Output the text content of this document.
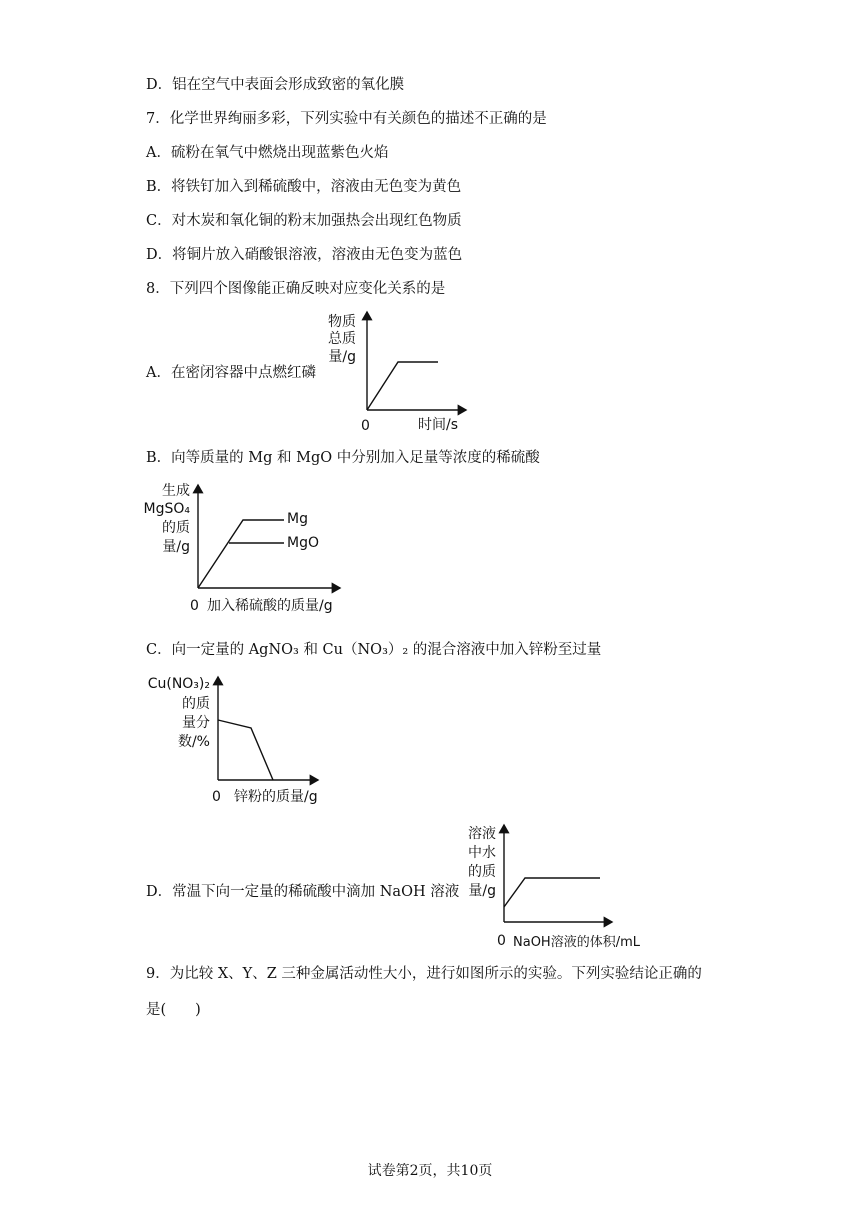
D．铝在空气中表面会形成致密的氧化膜
7．化学世界绚丽多彩，下列实验中有关颜色的描述不正确的是
A．硫粉在氧气中燃烧出现蓝紫色火焰
B．将铁钉加入到稀硫酸中，溶液由无色变为黄色
C．对木炭和氧化铜的粉末加强热会出现红色物质
D．将铜片放入硝酸银溶液，溶液由无色变为蓝色
8．下列四个图像能正确反映对应变化关系的是
A．在密闭容器中点燃红磷
B．向等质量的 Mg 和 MgO 中分别加入足量等浓度的稀硫酸
C．向一定量的 AgNO₃ 和 Cu（NO₃）₂ 的混合溶液中加入锌粉至过量
D．常温下向一定量的稀硫酸中滴加 NaOH 溶液
9．为比较 X、Y、Z 三种金属活动性大小，进行如图所示的实验。下列实验结论正确的
是(　　)
物质
总质
量/g
0	时间/s
生成
MgSO₄
的质
量/g
Mg
MgO
0 加入稀硫酸的质量/g
Cu(NO₃)₂
的质
量分
数/%
0 锌粉的质量/g
溶液
中水
的质
量/g
0 NaOH溶液的体积/mL
试卷第2页，共10页
